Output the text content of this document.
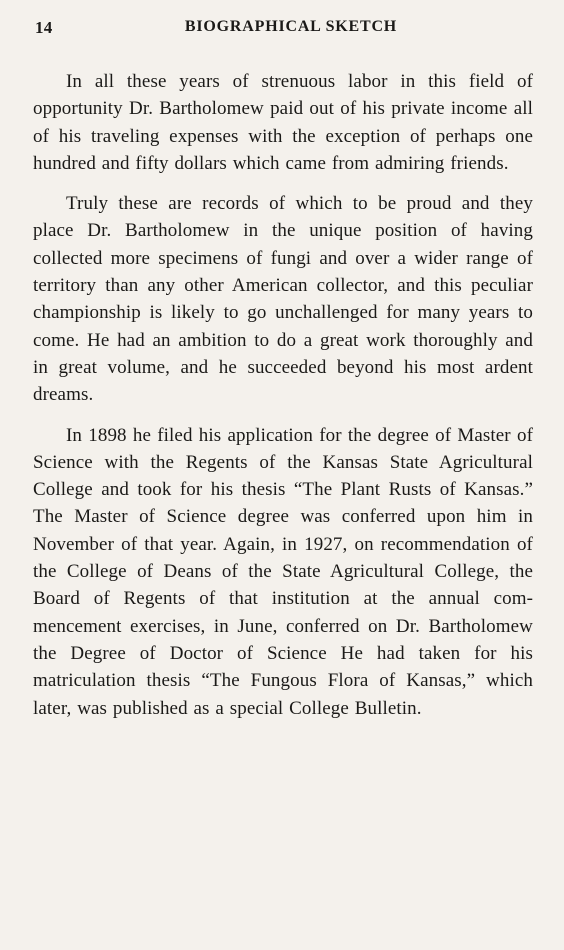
14	BIOGRAPHICAL SKETCH

In all these years of strenuous labor in this field of opportunity Dr. Bartholomew paid out of his private income all of his traveling expenses with the exception of perhaps one hundred and fifty dollars which came from admiring friends.

Truly these are records of which to be proud and they place Dr. Bartholomew in the unique position of having collected more specimens of fungi and over a wider range of territory than any other American collector, and this peculiar championship is likely to go unchallenged for many years to come. He had an ambition to do a great work thoroughly and in great volume, and he succeeded beyond his most ardent dreams.

In 1898 he filed his application for the degree of Master of Science with the Regents of the Kansas State Agricultural College and took for his thesis “The Plant Rusts of Kansas.” The Master of Science degree was conferred upon him in November of that year. Again, in 1927, on recommendation of the College of Deans of the State Agricultural College, the Board of Regents of that institution at the annual commencement exercises, in June, conferred on Dr. Bartholomew the Degree of Doctor of Science He had taken for his matriculation thesis “The Fungous Flora of Kansas,” which later, was published as a special College Bulletin.
